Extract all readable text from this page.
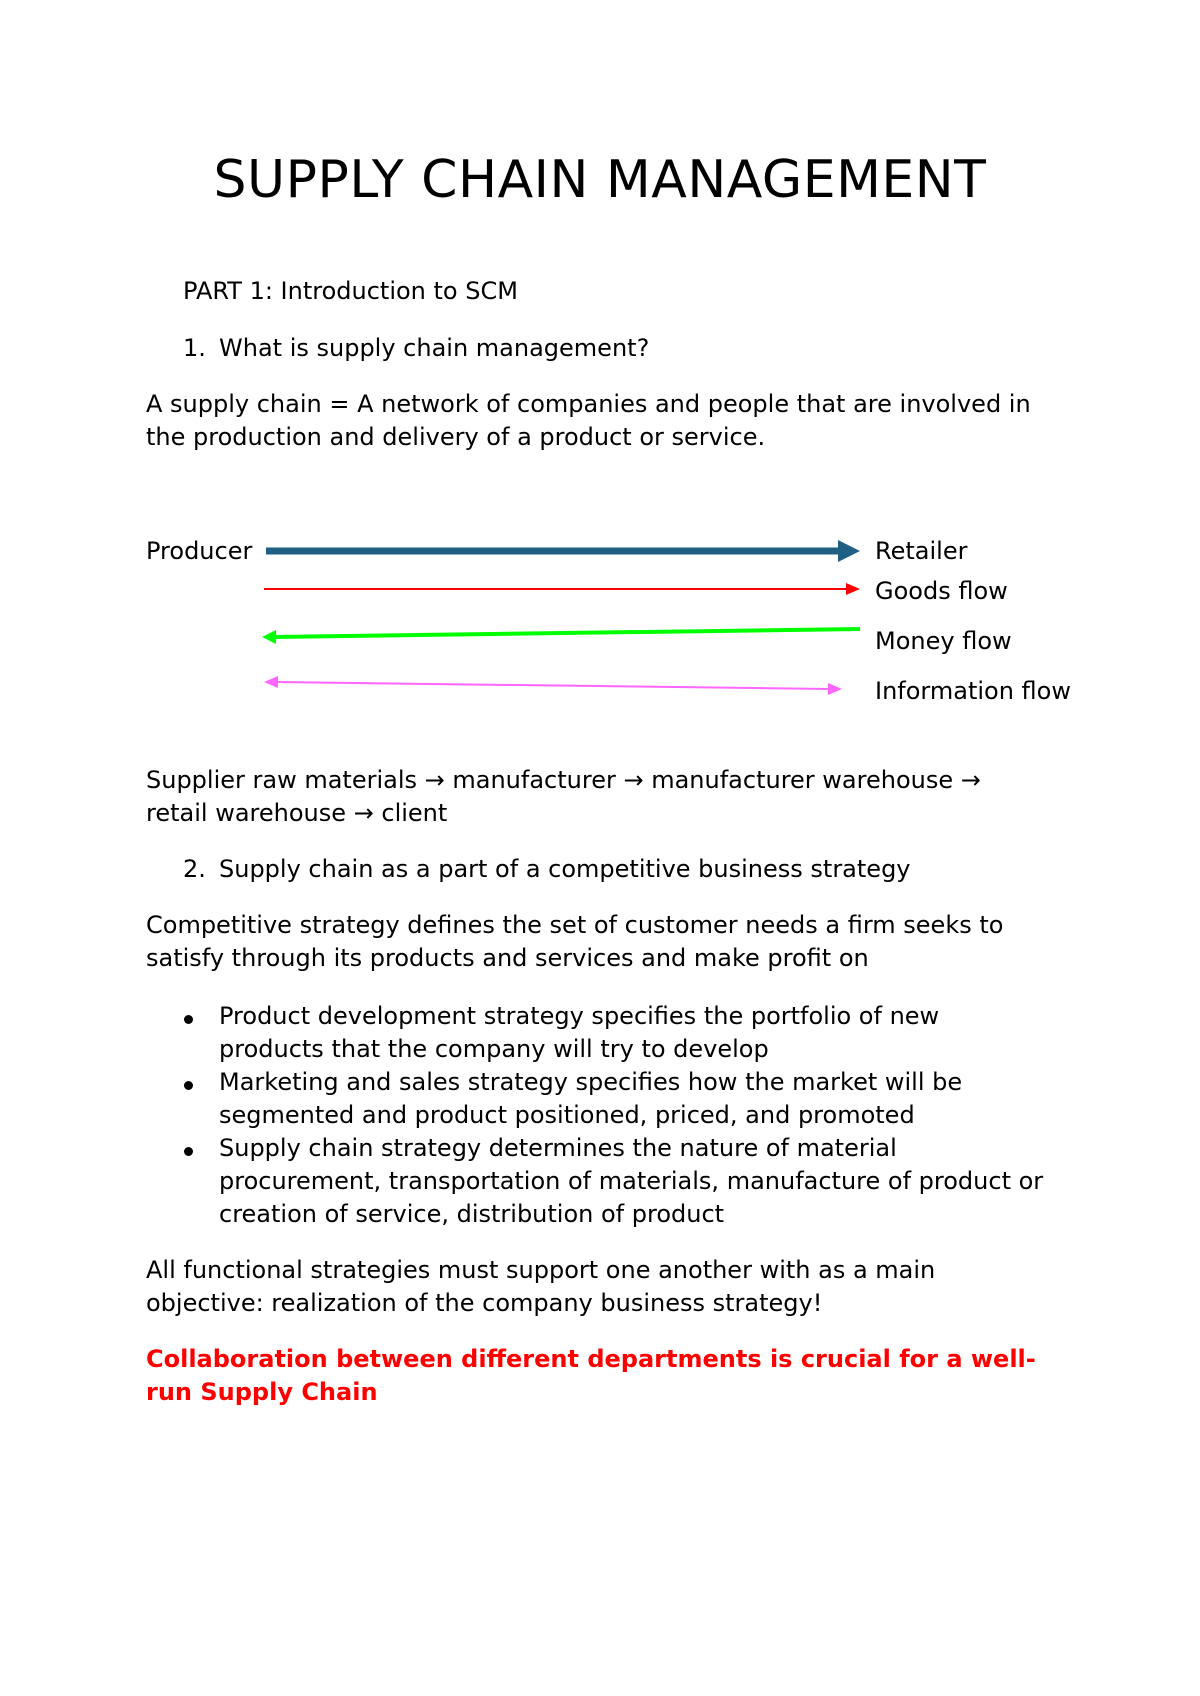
SUPPLY CHAIN MANAGEMENT
PART 1: Introduction to SCM
1. What is supply chain management?
A supply chain = A network of companies and people that are involved in
the production and delivery of a product or service.
Producer	Retailer
Goods flow
Money flow
Information flow
Supplier raw materials → manufacturer → manufacturer warehouse →
retail warehouse → client
2. Supply chain as a part of a competitive business strategy
Competitive strategy defines the set of customer needs a firm seeks to
satisfy through its products and services and make profit on
Product development strategy specifies the portfolio of new
products that the company will try to develop
Marketing and sales strategy specifies how the market will be
segmented and product positioned, priced, and promoted
Supply chain strategy determines the nature of material
procurement, transportation of materials, manufacture of product or
creation of service, distribution of product
All functional strategies must support one another with as a main
objective: realization of the company business strategy!
Collaboration between different departments is crucial for a well-
run Supply Chain
